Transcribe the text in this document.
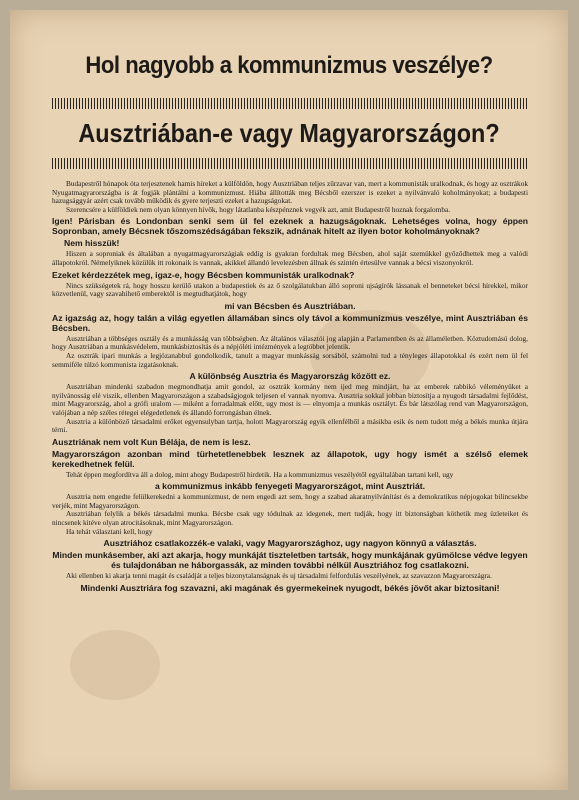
Hol nagyobb a kommunizmus veszélye?
Ausztriában-e vagy Magyarországon?

Budapestről hónapok óta terjesztenek hamis híreket a külföldön, hogy Ausztriában teljes zűrzavar van, mert a kommunisták uralkodnak, és hogy az osztrákok Nyugatmagyarországba is át fogják plántálni a kommunizmust. Hiába állították meg Bécsből ezerszer is ezeket a nyilvánvaló koholmányokat; a budapesti hazugsággyár azért csak tovább működik és gyere terjeszti ezeket a hazugságokat.

Szerencsére a külföldiek nem olyan könnyen hívők, hogy látatlanba készpénznek vegyék azt, amit Budapestről hoznak forgalomba.

Igen! Párisban és Londonban senki sem ül fel ezeknek a hazugságoknak. Lehetséges volna, hogy éppen Sopronban, amely Bécsnek tőszomszédságában fekszik, adnának hitelt az ilyen botor koholmányoknak?
Nem hisszük!

Hiszen a soproniak és általában a nyugatmagyarországiak eddig is gyakran fordultak meg Bécsben, ahol saját szemükkel győződhettek meg a valódi állapotokról. Némelyiknek közülük itt rokonaik is vannak, akikkel állandó levelezésben állnak és szintén értesülve vannak a bécsi viszonyokról.

Ezeket kérdezzétek meg, igaz-e, hogy Bécsben kommunisták uralkodnak?

Nincs szükségetek rá, hogy hosszu kerülő utakon a budapestiek és az ő szolgálatukban álló soproni ujságírók lássanak el benneteket bécsi hírekkel, mikor közvetlenül, vagy szavahihető emberektől is megtudhatjátok, hogy

mi van Bécsben és Ausztriában.
Az igazság az, hogy talán a világ egyetlen államában sincs oly távol a kommunizmus veszélye, mint Ausztriában és Bécsben.

Ausztriában a többséges osztály és a munkásság van többségben. Az általános választói jog alapján a Parlamentben és az államéletben. Köztudomású dolog, hogy Ausztriában a munkásvédelem, munkásbiztosítás és a népjóléti intézmények a legtöbbet jelentik.

Az osztrák ipari munkás a legjózanabbul gondolkodik, tanult a magyar munkásság sorsából, számolni tud a tényleges állapotokkal és ezért nem ül fel semmiféle túlzó kommunista izgatásoknak.

A különbség Ausztria és Magyarország között ez.

Ausztriában mindenki szabadon megmondhatja amit gondol, az osztrák kormány nem ijed meg mindjárt, ha az emberek rabbikó véleményüket a nyilvánosság elé viszik, ellenben Magyarországon a szabadságjogok teljesen el vannak nyomva. Ausztria sokkal jobban biztosítja a nyugodt társadalmi fejlődést, mint Magyarország, ahol a grófi uralom — miként a forradalmak előtt, ugy most is — elnyomja a munkás osztályt. És bár látszólag rend van Magyarországon, valójában a nép széles rétegei elégedetlenek és állandó forrongásban élnek.

Ausztria a különböző társadalmi erőket egyensulyban tartja, holott Magyarország egyik ellenfélből a másikba esik és nem tudott még a békés munka útjára térni.

Ausztriának nem volt Kun Bélája, de nem is lesz.
Magyarországon azonban mind türhetetlenebbek lesznek az állapotok, ugy hogy ismét a szélső elemek kerekedhetnek felül.

Tehát éppen megfordítva áll a dolog, mint ahogy Budapestről hirdetik. Ha a kommunizmus veszélyétől egyáltalában tartani kell, ugy

a kommunizmus inkább fenyegeti Magyarországot, mint Ausztriát.

Ausztria nem engedte felülkerekedni a kommunizmust, de nem engedi azt sem, hogy a szabad akaratnyilvánítást és a demokratikus népjogokat bilincsekbe verjék, mint Magyarországon.

Ausztriában felylik a békés társadalmi munka. Bécsbe csak ugy tódulnak az idegenek, mert tudják, hogy itt biztonságban köthetik meg üzleteiket és nincsenek kitéve olyan atrocitásoknak, mint Magyarországon.

Ha tehát választani kell, hogy

Ausztriához csatlakozzék-e valaki, vagy Magyarországhoz, ugy nagyon könnyű a választás.
Minden munkásember, aki azt akarja, hogy munkáját tiszteletben tartsák, hogy munkájának gyümölcse védve legyen és tulajdonában ne háborgassák, az minden további nélkül Ausztriához fog csatlakozni.

Aki ellenben ki akarja tenni magát és családját a teljes bizonytalanságnak és uj társadalmi felfordulás veszélyének, az szavazzon Magyarországra.

Mindenki Ausztriára fog szavazni, aki magának és gyermekeinek nyugodt, békés jövőt akar biztositani!
